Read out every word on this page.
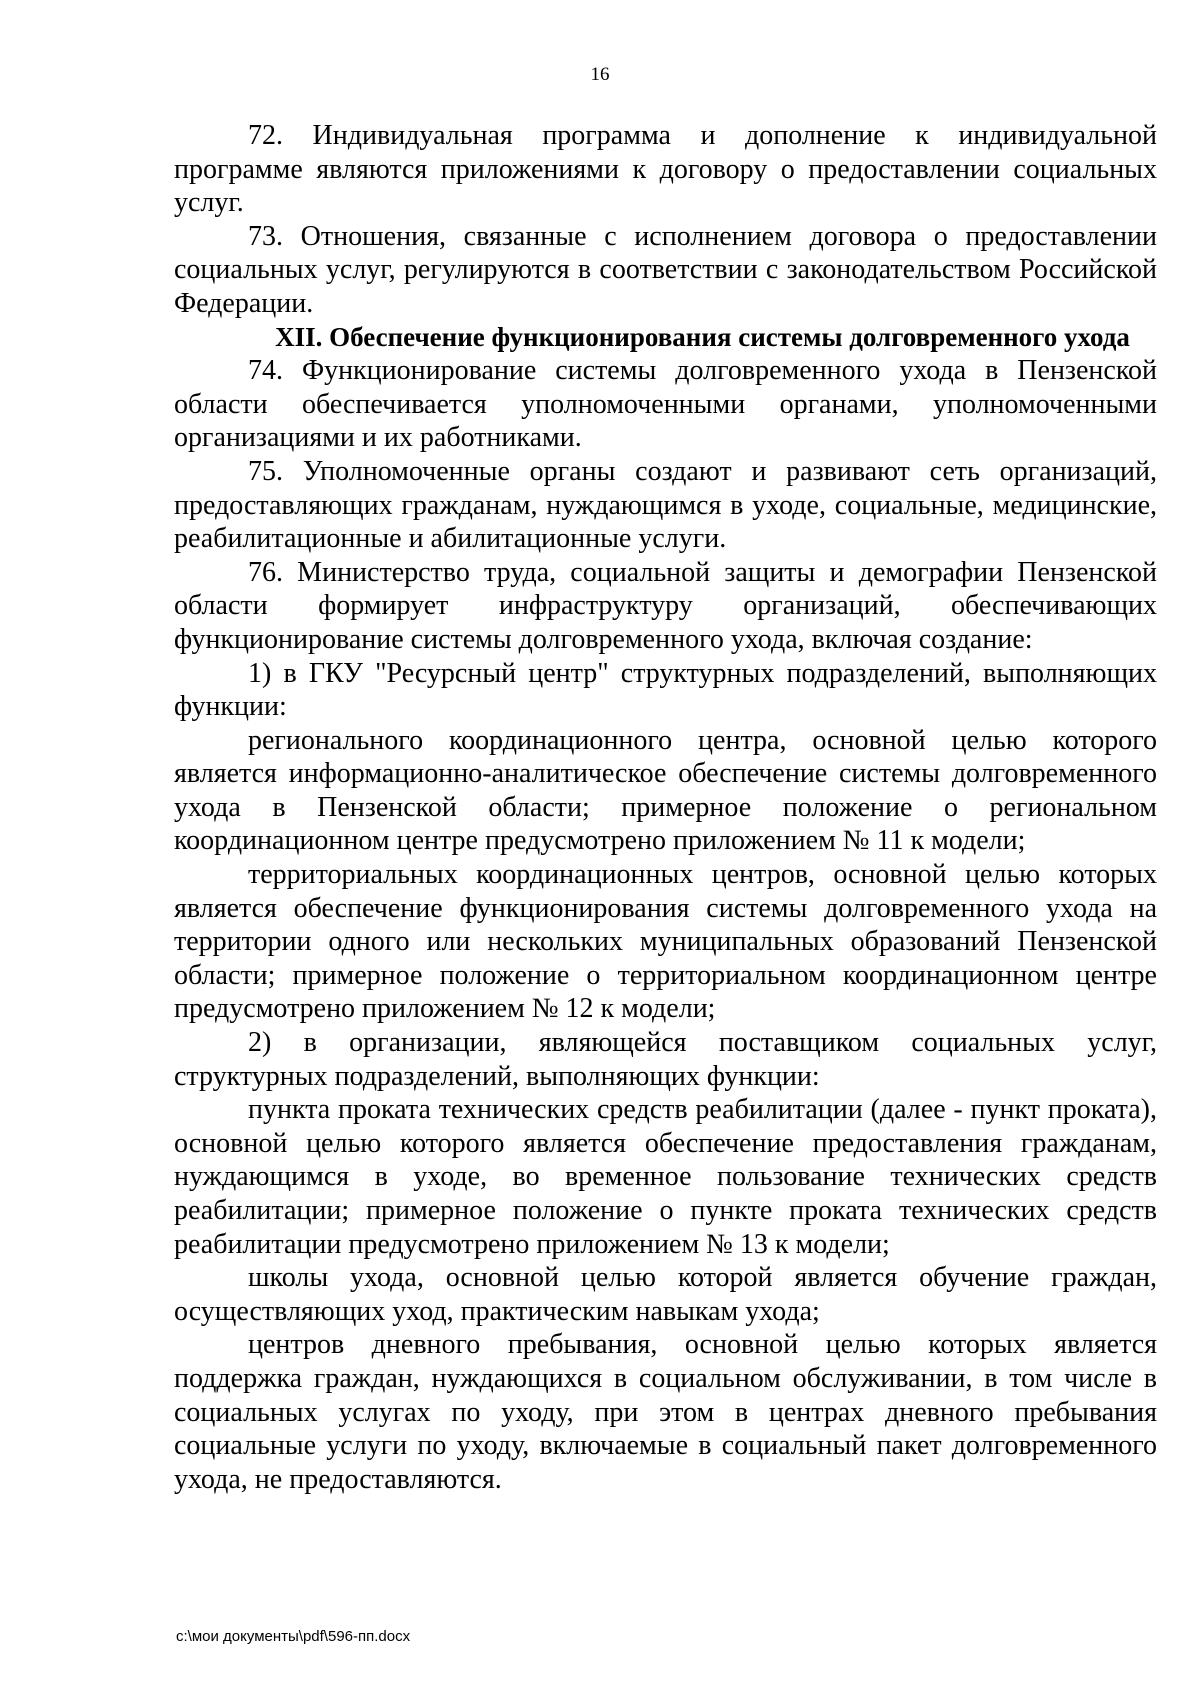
16

72. Индивидуальная программа и дополнение к индивидуальной программе являются приложениями к договору о предоставлении социальных услуг.

73. Отношения, связанные с исполнением договора о предоставлении социальных услуг, регулируются в соответствии с законодательством Российской Федерации.

XII. Обеспечение функционирования системы долговременного ухода

74. Функционирование системы долговременного ухода в Пензенской области обеспечивается уполномоченными органами, уполномоченными организациями и их работниками.

75. Уполномоченные органы создают и развивают сеть организаций, предоставляющих гражданам, нуждающимся в уходе, социальные, медицинские, реабилитационные и абилитационные услуги.

76. Министерство труда, социальной защиты и демографии Пензенской области формирует инфраструктуру организаций, обеспечивающих функционирование системы долговременного ухода, включая создание:

1) в ГКУ "Ресурсный центр" структурных подразделений, выполняющих функции:

регионального координационного центра, основной целью которого является информационно-аналитическое обеспечение системы долговременного ухода в Пензенской области; примерное положение о региональном координационном центре предусмотрено приложением № 11 к модели;

территориальных координационных центров, основной целью которых является обеспечение функционирования системы долговременного ухода на территории одного или нескольких муниципальных образований Пензенской области; примерное положение о территориальном координационном центре предусмотрено приложением № 12 к модели;

2) в организации, являющейся поставщиком социальных услуг, структурных подразделений, выполняющих функции:

пункта проката технических средств реабилитации (далее - пункт проката), основной целью которого является обеспечение предоставления гражданам, нуждающимся в уходе, во временное пользование технических средств реабилитации; примерное положение о пункте проката технических средств реабилитации предусмотрено приложением № 13 к модели;

школы ухода, основной целью которой является обучение граждан, осуществляющих уход, практическим навыкам ухода;

центров дневного пребывания, основной целью которых является поддержка граждан, нуждающихся в социальном обслуживании, в том числе в социальных услугах по уходу, при этом в центрах дневного пребывания социальные услуги по уходу, включаемые в социальный пакет долговременного ухода, не предоставляются.

c:\мои документы\pdf\596-пп.docx
